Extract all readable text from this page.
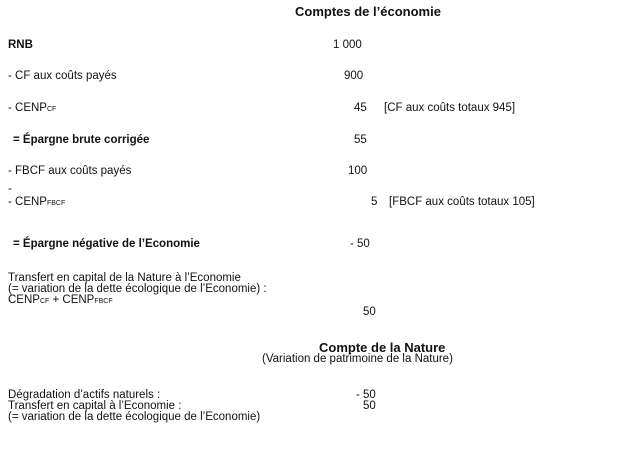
Comptes de l’économie
RNB	1 000
- CF aux coûts payés	900
- CENPCF	45 [CF aux coûts totaux 945]
= Épargne brute corrigée	55
- FBCF aux coûts payés	100
-
- CENPFBCF	5 [FBCF aux coûts totaux 105]
= Épargne négative de l’Economie	- 50
Transfert en capital de la Nature à l’Economie
(= variation de la dette écologique de l’Economie) :
CENPCF + CENPFBCF
50
Compte de la Nature
(Variation de patrimoine de la Nature)
Dégradation d’actifs naturels :	- 50
Transfert en capital à l’Economie :	50
(= variation de la dette écologique de l’Economie)
